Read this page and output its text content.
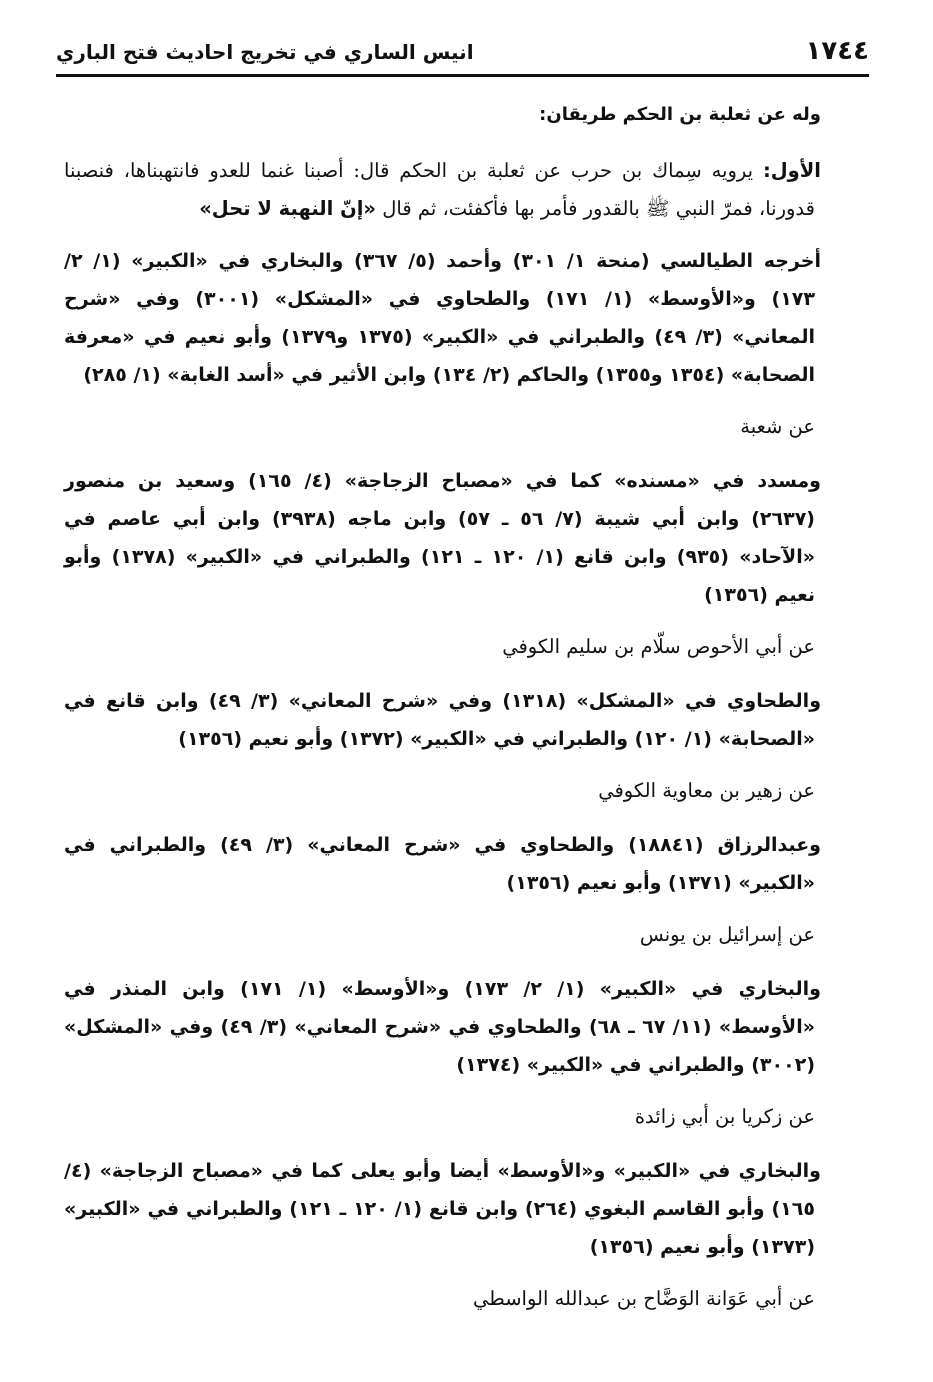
١٧٤٤
انيس الساري في تخريج احاديث فتح الباري

وله عن ثعلبة بن الحكم طريقان:

الأول: يرويه سِماك بن حرب عن ثعلبة بن الحكم قال: أصبنا غنما للعدو فانتهبناها، فنصبنا قدورنا، فمرّ النبي ﷺ بالقدور فأمر بها فأكفئت، ثم قال «إنّ النهبة لا تحل»

أخرجه الطيالسي (منحة ١/ ٣٠١) وأحمد (٥/ ٣٦٧) والبخاري في «الكبير» (١/ ٢/ ١٧٣) و«الأوسط» (١/ ١٧١) والطحاوي في «المشكل» (٣٠٠١) وفي «شرح المعاني» (٣/ ٤٩) والطبراني في «الكبير» (١٣٧٥ و١٣٧٩) وأبو نعيم في «معرفة الصحابة» (١٣٥٤ و١٣٥٥) والحاكم (٢/ ١٣٤) وابن الأثير في «أسد الغابة» (١/ ٢٨٥)

عن شعبة

ومسدد في «مسنده» كما في «مصباح الزجاجة» (٤/ ١٦٥) وسعيد بن منصور (٢٦٣٧) وابن أبي شيبة (٧/ ٥٦ ـ ٥٧) وابن ماجه (٣٩٣٨) وابن أبي عاصم في «الآحاد» (٩٣٥) وابن قانع (١/ ١٢٠ ـ ١٢١) والطبراني في «الكبير» (١٣٧٨) وأبو نعيم (١٣٥٦)

عن أبي الأحوص سلّام بن سليم الكوفي

والطحاوي في «المشكل» (١٣١٨) وفي «شرح المعاني» (٣/ ٤٩) وابن قانع في «الصحابة» (١/ ١٢٠) والطبراني في «الكبير» (١٣٧٢) وأبو نعيم (١٣٥٦)

عن زهير بن معاوية الكوفي

وعبدالرزاق (١٨٨٤١) والطحاوي في «شرح المعاني» (٣/ ٤٩) والطبراني في «الكبير» (١٣٧١) وأبو نعيم (١٣٥٦)

عن إسرائيل بن يونس

والبخاري في «الكبير» (١/ ٢/ ١٧٣) و«الأوسط» (١/ ١٧١) وابن المنذر في «الأوسط» (١١/ ٦٧ ـ ٦٨) والطحاوي في «شرح المعاني» (٣/ ٤٩) وفي «المشكل» (٣٠٠٢) والطبراني في «الكبير» (١٣٧٤)

عن زكريا بن أبي زائدة

والبخاري في «الكبير» و«الأوسط» أيضا وأبو يعلى كما في «مصباح الزجاجة» (٤/ ١٦٥) وأبو القاسم البغوي (٢٦٤) وابن قانع (١/ ١٢٠ ـ ١٢١) والطبراني في «الكبير» (١٣٧٣) وأبو نعيم (١٣٥٦)

عن أبي عَوَانة الوَضَّاح بن عبدالله الواسطي
